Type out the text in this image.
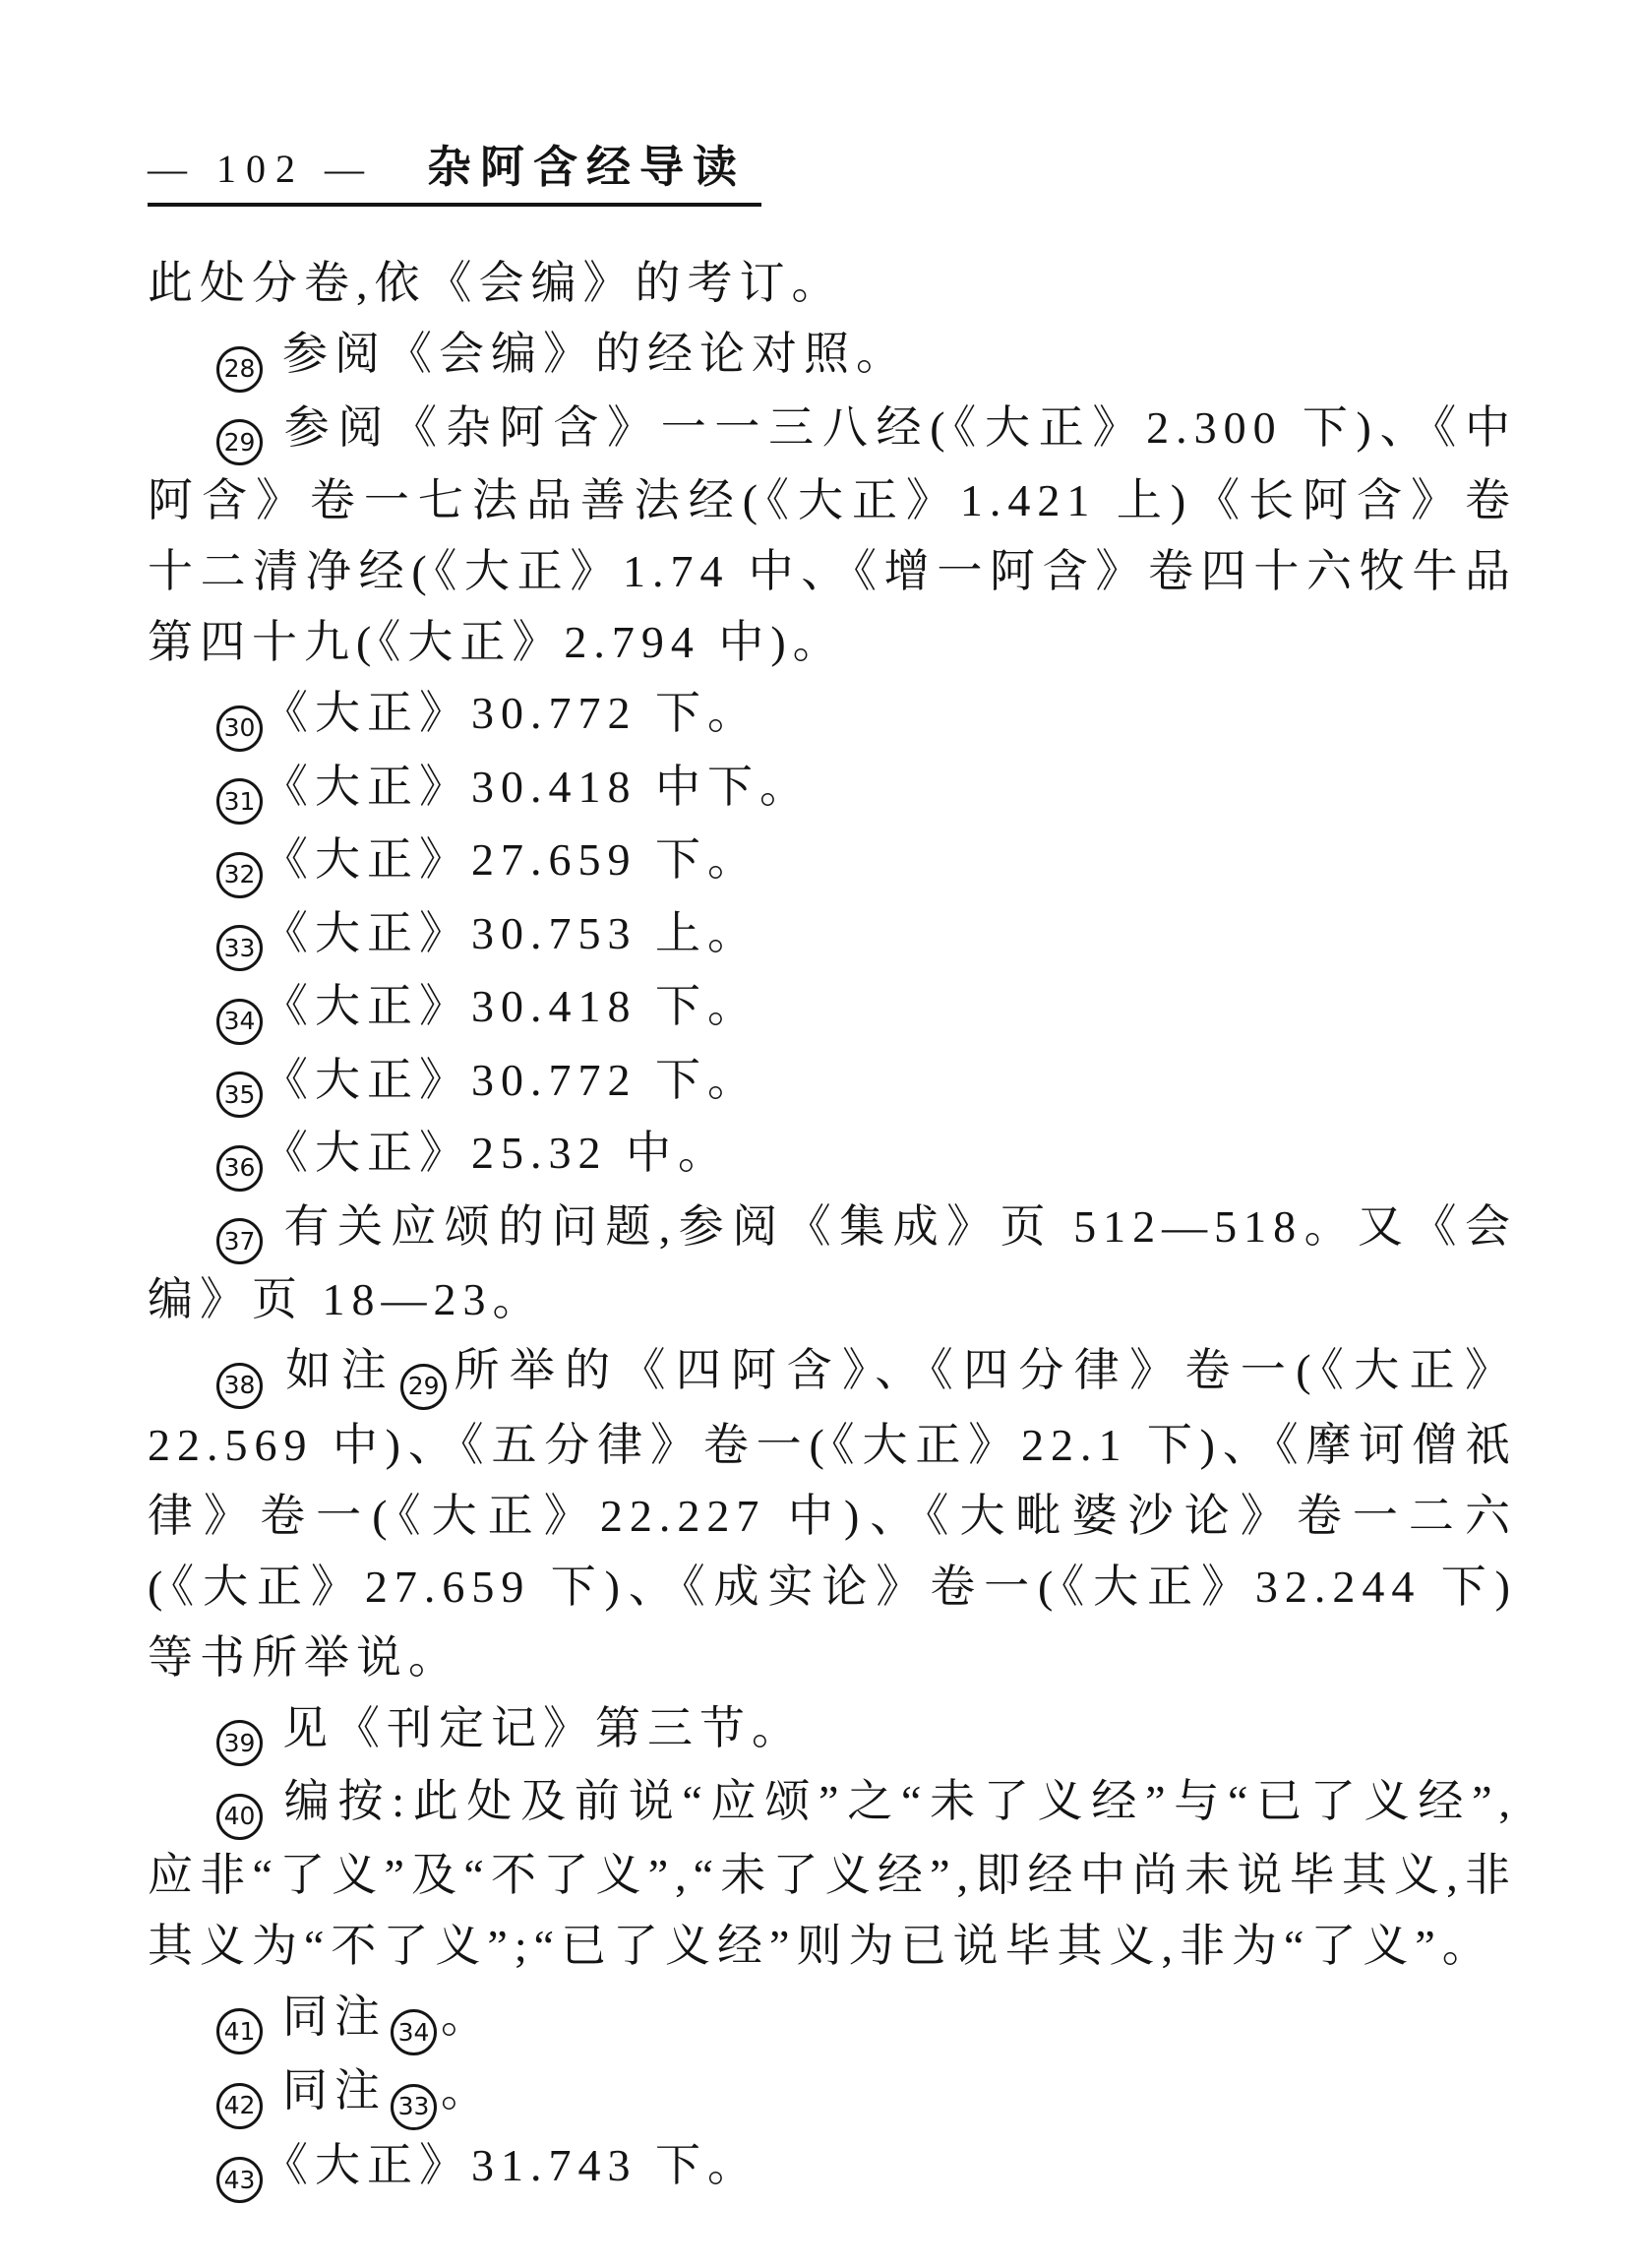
— 102 — 杂阿含经导读

此处分卷,依《会编》的考订。

28 参阅《会编》的经论对照。

29 参阅《杂阿含》一一三八经(《大正》2.300 下)、《中阿含》卷一七法品善法经(《大正》1.421 上)《长阿含》卷十二清净经(《大正》1.74 中、《增一阿含》卷四十六牧牛品第四十九(《大正》2.794 中)。

30 《大正》30.772 下。

31 《大正》30.418 中下。

32 《大正》27.659 下。

33 《大正》30.753 上。

34 《大正》30.418 下。

35 《大正》30.772 下。

36 《大正》25.32 中。

37 有关应颂的问题,参阅《集成》页 512—518。又《会编》页 18—23。

38 如注 29 所举的《四阿含》、《四分律》卷一(《大正》22.569 中)、《五分律》卷一(《大正》22.1 下)、《摩诃僧祇律》卷一(《大正》22.227 中)、《大毗婆沙论》卷一二六(《大正》27.659 下)、《成实论》卷一(《大正》32.244 下)等书所举说。

39 见《刊定记》第三节。

40 编按:此处及前说“应颂”之“未了义经”与“已了义经”,应非“了义”及“不了义”,“未了义经”,即经中尚未说毕其义,非其义为“不了义”;“已了义经”则为已说毕其义,非为“了义”。

41 同注 34 。

42 同注 33 。

43 《大正》31.743 下。
